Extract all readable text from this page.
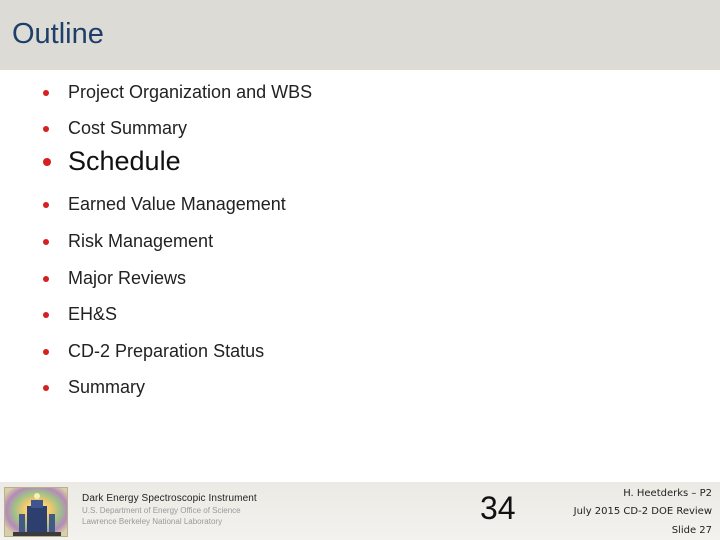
Outline
Project Organization and WBS
Cost Summary
Schedule
Earned Value Management
Risk Management
Major Reviews
EH&S
CD-2 Preparation Status
Summary
Dark Energy Spectroscopic Instrument
U.S. Department of Energy Office of Science
Lawrence Berkeley National Laboratory	34	H. Heetderks – P2
July 2015 CD-2 DOE Review
Slide 27
